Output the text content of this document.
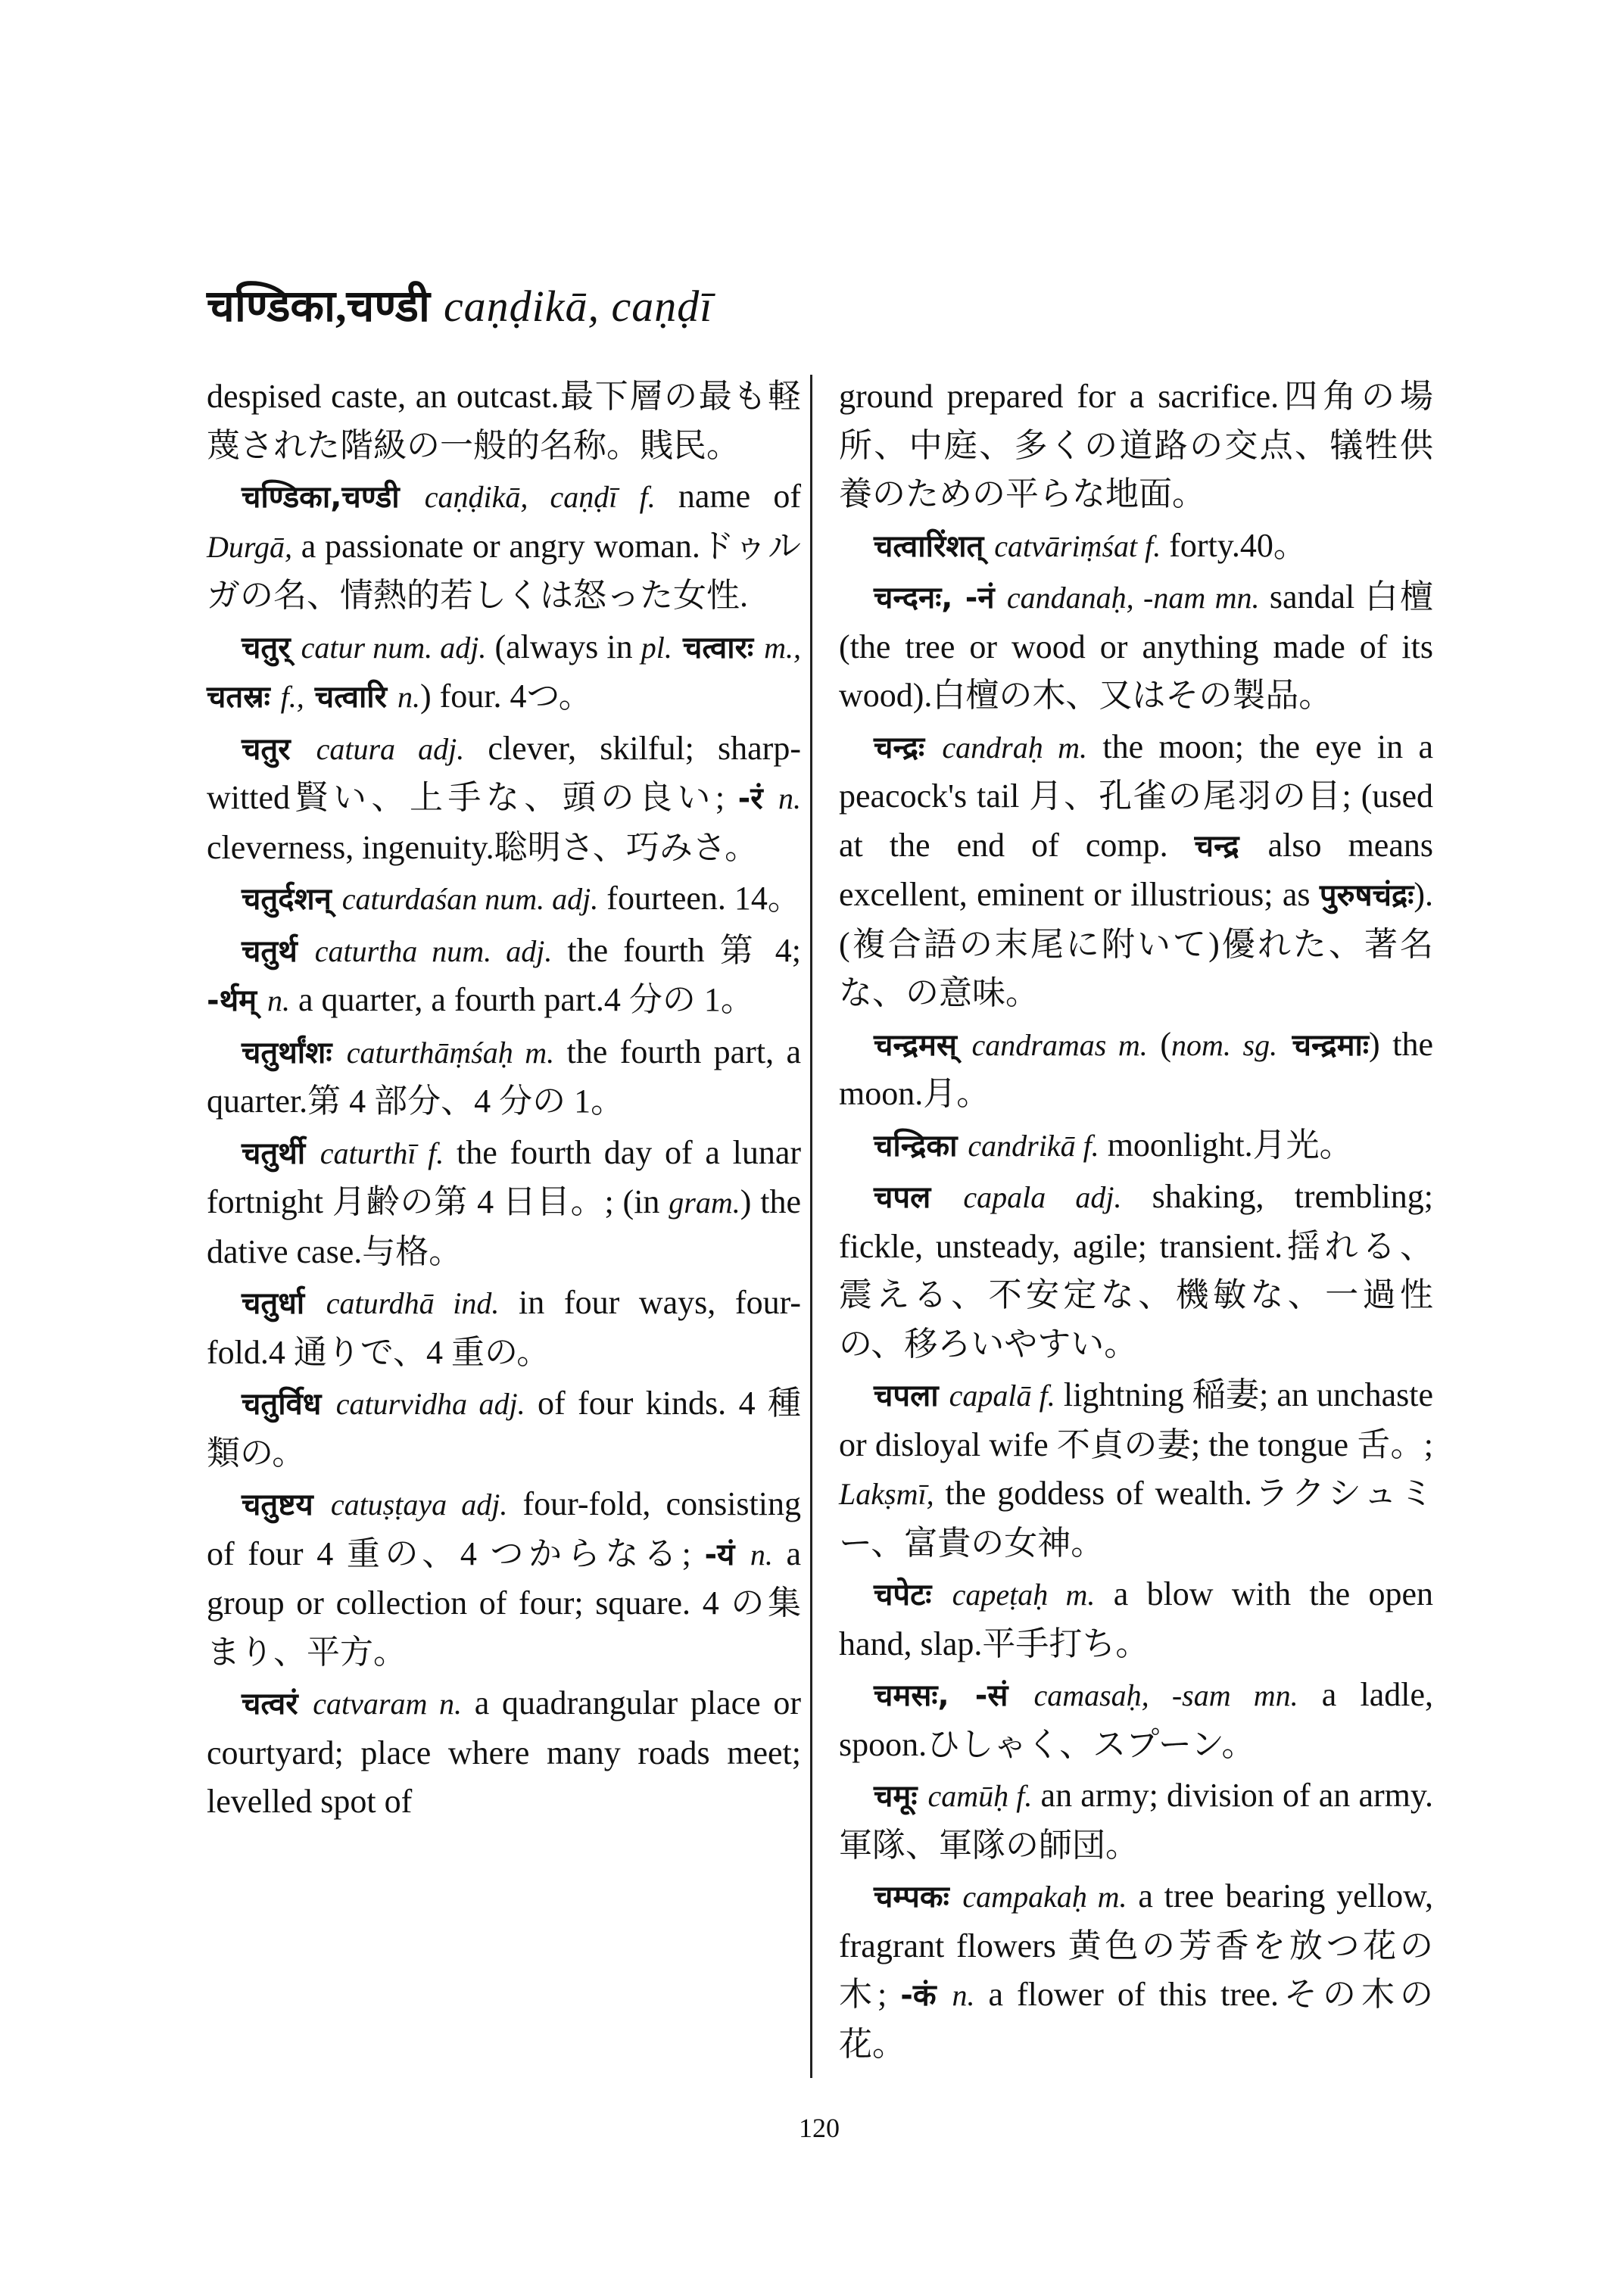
चण्डिका,चण्डी caṇḍikā, caṇḍī

despised caste, an outcast.最下層の最も軽蔑された階級の一般的名称。賎民。

चण्डिका,चण्डी caṇḍikā, caṇḍī f. name of Durgā, a passionate or angry woman.ドゥルガの名、情熱的若しくは怒った女性.

चतुर् catur num. adj. (always in pl. चत्वारः m., चतस्रः f., चत्वारि n.) four. 4つ。

चतुर catura adj. clever, skilful; sharp-witted賢い、上手な、頭の良い; -रं n. cleverness, ingenuity.聡明さ、巧みさ。

चतुर्दशन् caturdaśan num. adj. fourteen. 14。

चतुर्थ caturtha num. adj. the fourth 第 4; -र्थम् n. a quarter, a fourth part.4 分の 1。

चतुर्थांशः caturthāṃśaḥ m. the fourth part, a quarter.第 4 部分、4 分の 1。

चतुर्थी caturthī f. the fourth day of a lunar fortnight 月齢の第 4 日目。; (in gram.) the dative case.与格。

चतुर्धा caturdhā ind. in four ways, four-fold.4 通りで、4 重の。

चतुर्विध caturvidha adj. of four kinds. 4 種類の。

चतुष्टय catuṣṭaya adj. four-fold, consisting of four 4 重の、4 つからなる; -यं n. a group or collection of four; square. 4 の集まり、平方。

चत्वरं catvaram n. a quadrangular place or courtyard; place where many roads meet; levelled spot of

ground prepared for a sacrifice.四角の場所、中庭、多くの道路の交点、犠牲供養のための平らな地面。

चत्वारिंशत् catvāriṃśat f. forty.40。

चन्दनः, -नं candanaḥ, -nam mn. sandal 白檀 (the tree or wood or anything made of its wood).白檀の木、又はその製品。

चन्द्रः candraḥ m. the moon; the eye in a peacock's tail 月、孔雀の尾羽の目; (used at the end of comp. चन्द्र also means excellent, eminent or illustrious; as पुरुषचंद्रः).(複合語の末尾に附いて)優れた、著名な、の意味。

चन्द्रमस् candramas m. (nom. sg. चन्द्रमाः) the moon.月。

चन्द्रिका candrikā f. moonlight.月光。

चपल capala adj. shaking, trembling; fickle, unsteady, agile; transient.揺れる、震える、不安定な、機敏な、一過性の、移ろいやすい。

चपला capalā f. lightning 稲妻; an unchaste or disloyal wife 不貞の妻; the tongue 舌。; Lakṣmī, the goddess of wealth.ラクシュミー、富貴の女神。

चपेटः capeṭaḥ m. a blow with the open hand, slap.平手打ち。

चमसः, -सं camasaḥ, -sam mn. a ladle, spoon.ひしゃく、スプーン。

चमूः camūḥ f. an army; division of an army.軍隊、軍隊の師団。

चम्पकः campakaḥ m. a tree bearing yellow, fragrant flowers 黄色の芳香を放つ花の木; -कं n. a flower of this tree.その木の花。

120
